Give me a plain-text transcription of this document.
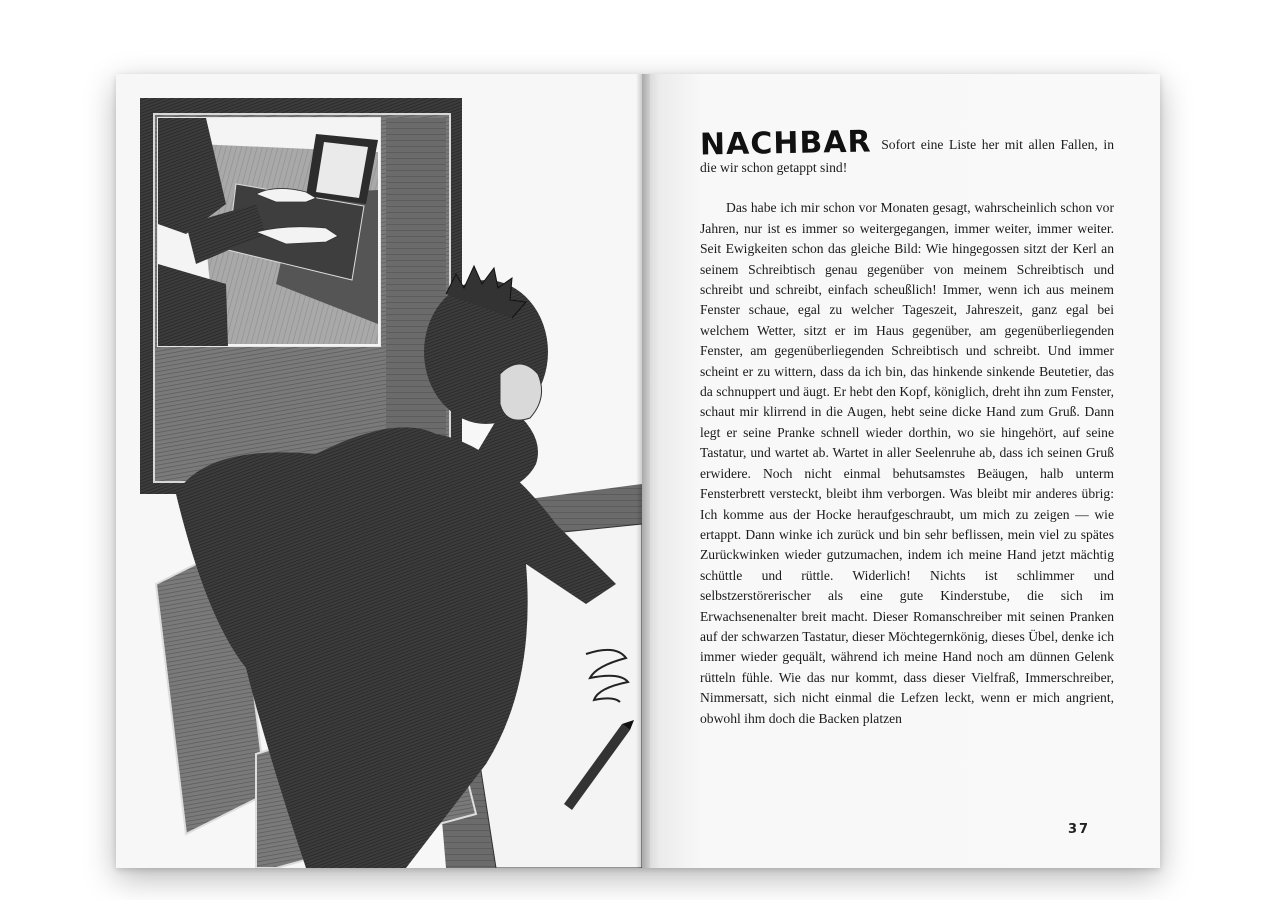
NACHBAR Sofort eine Liste her mit allen Fallen, in die wir schon getappt sind!

Das habe ich mir schon vor Monaten gesagt, wahrscheinlich schon vor Jahren, nur ist es immer so weitergegangen, immer weiter, immer weiter. Seit Ewigkeiten schon das gleiche Bild: Wie hingegossen sitzt der Kerl an seinem Schreibtisch genau gegenüber von meinem Schreibtisch und schreibt und schreibt, einfach scheußlich! Immer, wenn ich aus meinem Fenster schaue, egal zu welcher Tageszeit, Jahreszeit, ganz egal bei welchem Wetter, sitzt er im Haus gegenüber, am gegenüberliegenden Fenster, am gegenüberliegenden Schreibtisch und schreibt. Und immer scheint er zu wittern, dass da ich bin, das hinkende sinkende Beutetier, das da schnuppert und äugt. Er hebt den Kopf, königlich, dreht ihn zum Fenster, schaut mir klirrend in die Augen, hebt seine dicke Hand zum Gruß. Dann legt er seine Pranke schnell wieder dorthin, wo sie hingehört, auf seine Tastatur, und wartet ab. Wartet in aller Seelenruhe ab, dass ich seinen Gruß erwidere. Noch nicht einmal behutsamstes Beäugen, halb unterm Fensterbrett versteckt, bleibt ihm verborgen. Was bleibt mir anderes übrig: Ich komme aus der Hocke heraufgeschraubt, um mich zu zeigen — wie ertappt. Dann winke ich zurück und bin sehr beflissen, mein viel zu spätes Zurückwinken wieder gutzumachen, indem ich meine Hand jetzt mächtig schüttle und rüttle. Widerlich! Nichts ist schlimmer und selbstzerstörerischer als eine gute Kinderstube, die sich im Erwachsenenalter breit macht. Dieser Romanschreiber mit seinen Pranken auf der schwarzen Tastatur, dieser Möchtegernkönig, dieses Übel, denke ich immer wieder gequält, während ich meine Hand noch am dünnen Gelenk rütteln fühle. Wie das nur kommt, dass dieser Vielfraß, Immerschreiber, Nimmersatt, sich nicht einmal die Lefzen leckt, wenn er mich angrient, obwohl ihm doch die Backen platzen

37
